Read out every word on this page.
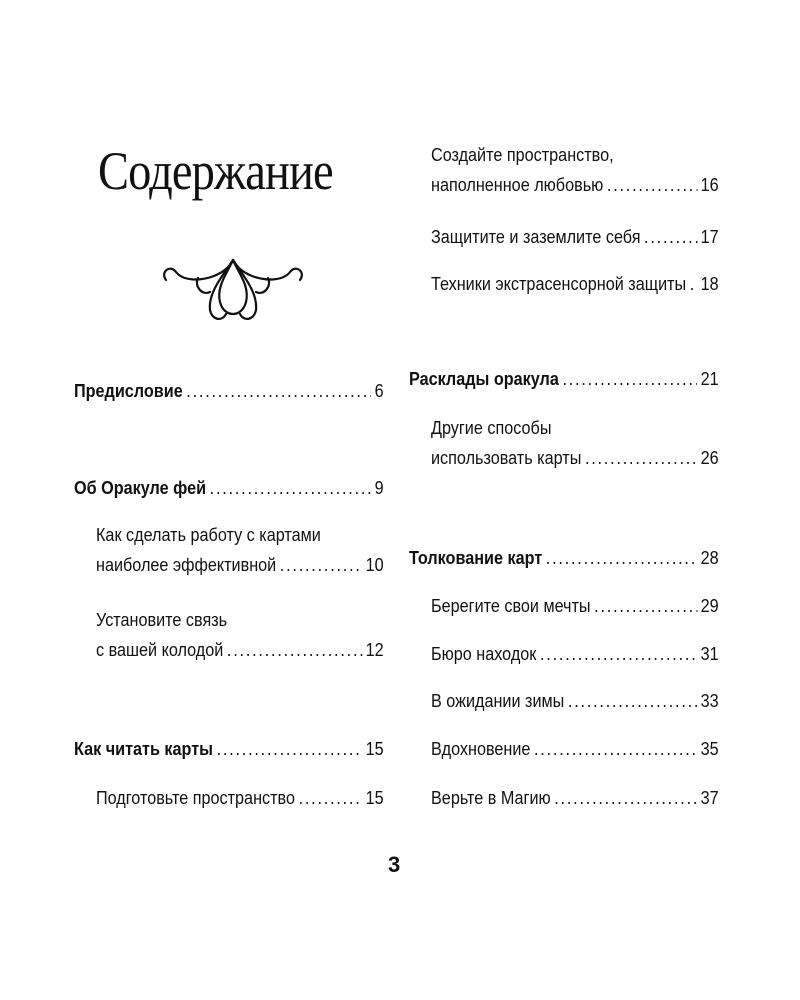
Содержание
Предисловие .....	6
Об Оракуле фей .....	9
Как сделать работу с картами
наиболее эффективной .....	10
Установите связь
с вашей колодой .....	12
Как читать карты .....	15
Подготовьте пространство .....	15
Создайте пространство,
наполненное любовью .....	16
Защитите и заземлите себя .....	17
Техники экстрасенсорной защиты ..... 18
Расклады оракула .....	21
Другие способы
использовать карты .....	26
Толкование карт .....	28
Берегите свои мечты .....	29
Бюро находок .....	31
В ожидании зимы .....	33
Вдохновение .....	35
Верьте в Магию .....	37
3
